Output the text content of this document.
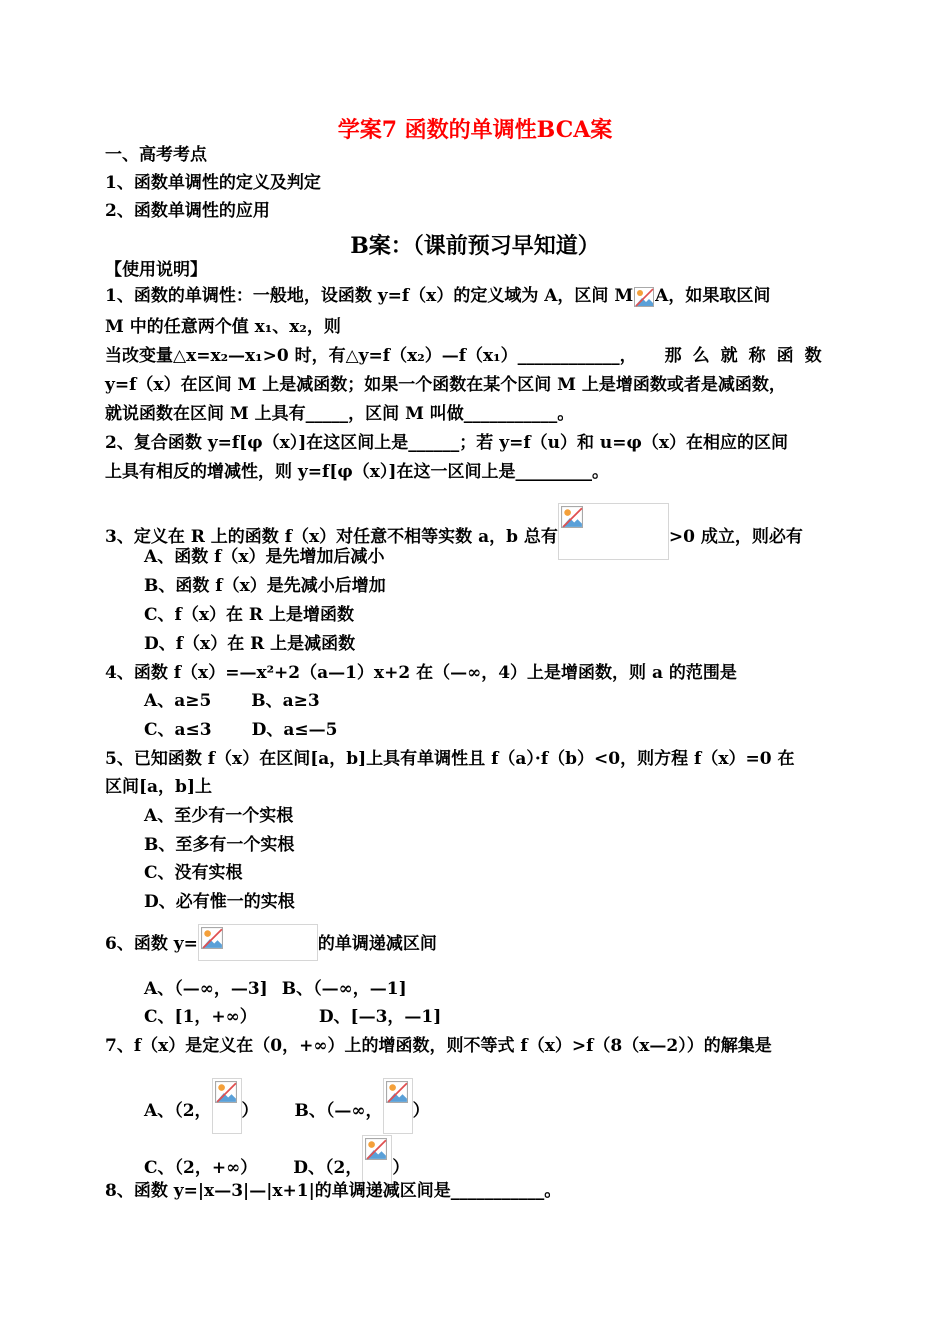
学案7 函数的单调性BCA案
一、高考考点
1、函数单调性的定义及判定
2、函数单调性的应用
B案：（课前预习早知道）
【使用说明】
1、函数的单调性：一般地，设函数 y=f（x）的定义域为 A，区间 M A，如果取区间
M 中的任意两个值 x₁、x₂，则
当改变量△x=x₂—x₁>0 时，有△y=f（x₂）—f（x₁）____________， 那么就称函数
y=f（x）在区间 M 上是减函数；如果一个函数在某个区间 M 上是增函数或者是减函数，
就说函数在区间 M 上具有_____，区间 M 叫做___________。
2、复合函数 y=f[φ（x）]在这区间上是______；若 y=f（u）和 u=φ（x）在相应的区间
上具有相反的增减性，则 y=f[φ（x）]在这一区间上是_________。
3、定义在 R 上的函数 f（x）对任意不相等实数 a，b 总有	>0 成立，则必有
A、函数 f（x）是先增加后减小
B、函数 f（x）是先减小后增加
C、f（x）在 R 上是增函数
D、f（x）在 R 上是减函数
4、函数 f（x）=—x²+2（a—1）x+2 在（—∞，4）上是增函数，则 a 的范围是
A、a≥5 B、a≥3
C、a≤3 D、a≤—5
5、已知函数 f（x）在区间[a，b]上具有单调性且 f（a）·f（b）<0，则方程 f（x）=0 在
区间[a，b]上
A、至少有一个实根
B、至多有一个实根
C、没有实根
D、必有惟一的实根
6、函数 y=	的单调递减区间
A、（—∞，—3] B、（—∞，—1]
C、[1，+∞）	D、[—3，—1]
7、f（x）是定义在（0，+∞）上的增函数，则不等式 f（x）>f（8（x—2））的解集是
A、（2， ） B、（—∞， ）
C、（2，+∞） D、（2， ）
8、函数 y=|x—3|—|x+1|的单调递减区间是___________。
